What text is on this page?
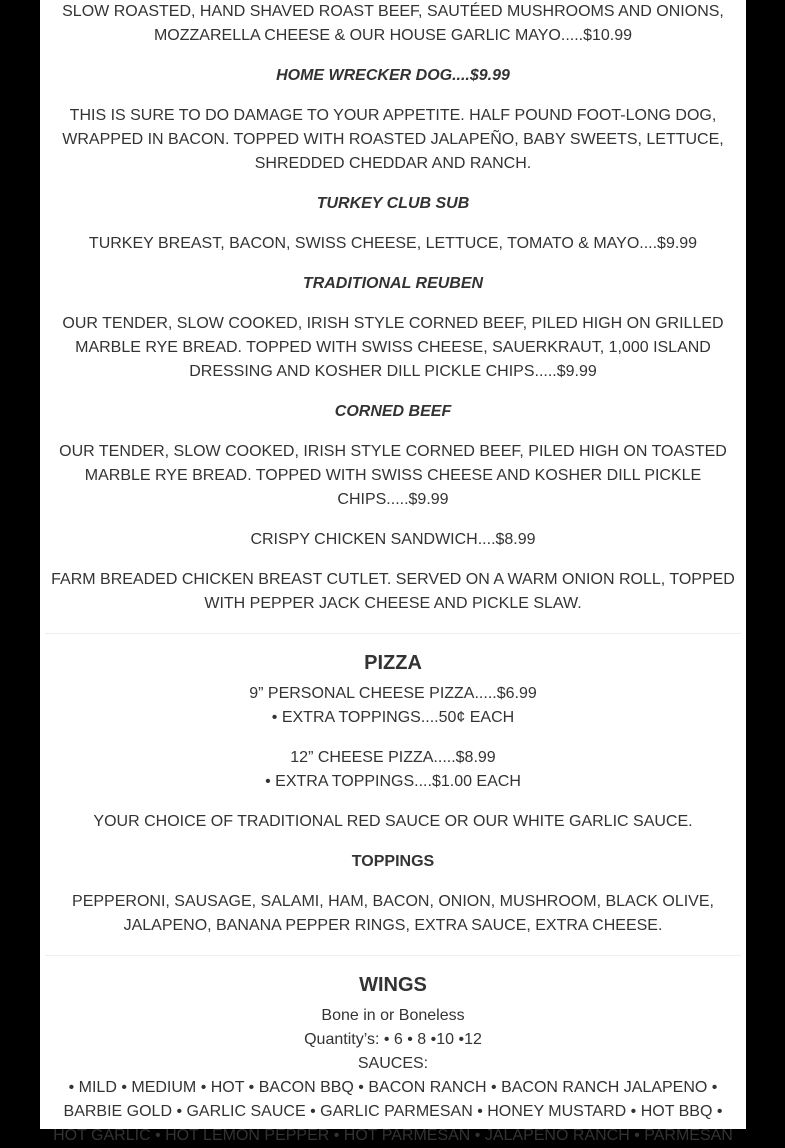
SLOW ROASTED, HAND SHAVED ROAST BEEF, SAUTÉED MUSHROOMS AND ONIONS, MOZZARELLA CHEESE & OUR HOUSE GARLIC MAYO.....$10.99

HOME WRECKER DOG....$9.99

THIS IS SURE TO DO DAMAGE TO YOUR APPETITE. HALF POUND FOOT-LONG DOG, WRAPPED IN BACON. TOPPED WITH ROASTED JALAPEÑO, BABY SWEETS, LETTUCE, SHREDDED CHEDDAR AND RANCH.

TURKEY CLUB SUB

TURKEY BREAST, BACON, SWISS CHEESE, LETTUCE, TOMATO & MAYO....$9.99

TRADITIONAL REUBEN

OUR TENDER, SLOW COOKED, IRISH STYLE CORNED BEEF, PILED HIGH ON GRILLED MARBLE RYE BREAD. TOPPED WITH SWISS CHEESE, SAUERKRAUT, 1,000 ISLAND DRESSING AND KOSHER DILL PICKLE CHIPS.....$9.99

CORNED BEEF

OUR TENDER, SLOW COOKED, IRISH STYLE CORNED BEEF, PILED HIGH ON TOASTED MARBLE RYE BREAD. TOPPED WITH SWISS CHEESE AND KOSHER DILL PICKLE CHIPS.....$9.99

CRISPY CHICKEN SANDWICH....$8.99

FARM BREADED CHICKEN BREAST CUTLET. SERVED ON A WARM ONION ROLL, TOPPED WITH PEPPER JACK CHEESE AND PICKLE SLAW.

PIZZA

9” PERSONAL CHEESE PIZZA.....$6.99

• EXTRA TOPPINGS....50¢ EACH

12” CHEESE PIZZA.....$8.99

• EXTRA TOPPINGS....$1.00 EACH

YOUR CHOICE OF TRADITIONAL RED SAUCE OR OUR WHITE GARLIC SAUCE.

TOPPINGS

PEPPERONI, SAUSAGE, SALAMI, HAM, BACON, ONION, MUSHROOM, BLACK OLIVE, JALAPENO, BANANA PEPPER RINGS, EXTRA SAUCE, EXTRA CHEESE.

WINGS

Bone in or Boneless

Quantity’s: • 6 • 8 •10 •12

SAUCES:

• MILD • MEDIUM • HOT • BACON BBQ • BACON RANCH • BACON RANCH JALAPENO • BARBIE GOLD • GARLIC SAUCE • GARLIC PARMESAN • HONEY MUSTARD • HOT BBQ • HOT GARLIC • HOT LEMON PEPPER • HOT PARMESAN • JALAPENO RANCH • PARMESAN
